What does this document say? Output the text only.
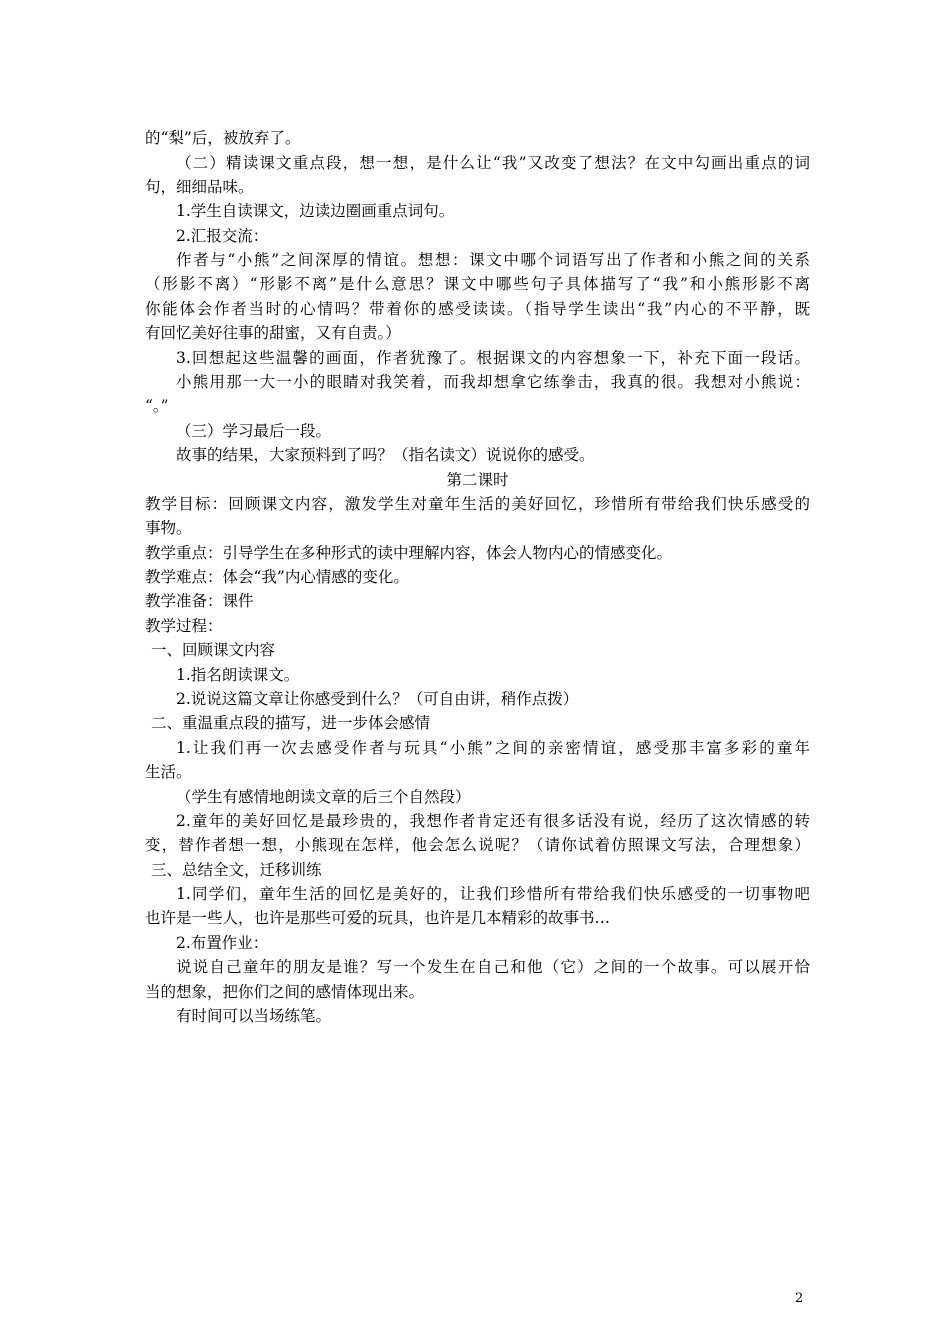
的“梨”后，被放弃了。
（二）精读课文重点段，想一想，是什么让“我”又改变了想法？在文中勾画出重点的词
句，细细品味。
1.学生自读课文，边读边圈画重点词句。
2.汇报交流：
作者与“小熊”之间深厚的情谊。想想：课文中哪个词语写出了作者和小熊之间的关系
（形影不离）“形影不离”是什么意思？课文中哪些句子具体描写了“我”和小熊形影不离
你能体会作者当时的心情吗？带着你的感受读读。（指导学生读出“我”内心的不平静，既
有回忆美好往事的甜蜜，又有自责。）
3.回想起这些温馨的画面，作者犹豫了。根据课文的内容想象一下，补充下面一段话。
小熊用那一大一小的眼睛对我笑着，而我却想拿它练拳击，我真的很。我想对小熊说：
“。”
（三）学习最后一段。
故事的结果，大家预料到了吗？（指名读文）说说你的感受。
第二课时
教学目标：回顾课文内容，激发学生对童年生活的美好回忆，珍惜所有带给我们快乐感受的
事物。
教学重点：引导学生在多种形式的读中理解内容，体会人物内心的情感变化。
教学难点：体会“我”内心情感的变化。
教学准备：课件
教学过程：
一、回顾课文内容
1.指名朗读课文。
2.说说这篇文章让你感受到什么？（可自由讲，稍作点拨）
二、重温重点段的描写，进一步体会感情
1.让我们再一次去感受作者与玩具“小熊”之间的亲密情谊，感受那丰富多彩的童年
生活。
（学生有感情地朗读文章的后三个自然段）
2.童年的美好回忆是最珍贵的，我想作者肯定还有很多话没有说，经历了这次情感的转
变，替作者想一想，小熊现在怎样，他会怎么说呢？（请你试着仿照课文写法，合理想象）
三、总结全文，迁移训练
1.同学们，童年生活的回忆是美好的，让我们珍惜所有带给我们快乐感受的一切事物吧
也许是一些人，也许是那些可爱的玩具，也许是几本精彩的故事书…
2.布置作业：
说说自己童年的朋友是谁？写一个发生在自己和他（它）之间的一个故事。可以展开恰
当的想象，把你们之间的感情体现出来。
有时间可以当场练笔。
2
